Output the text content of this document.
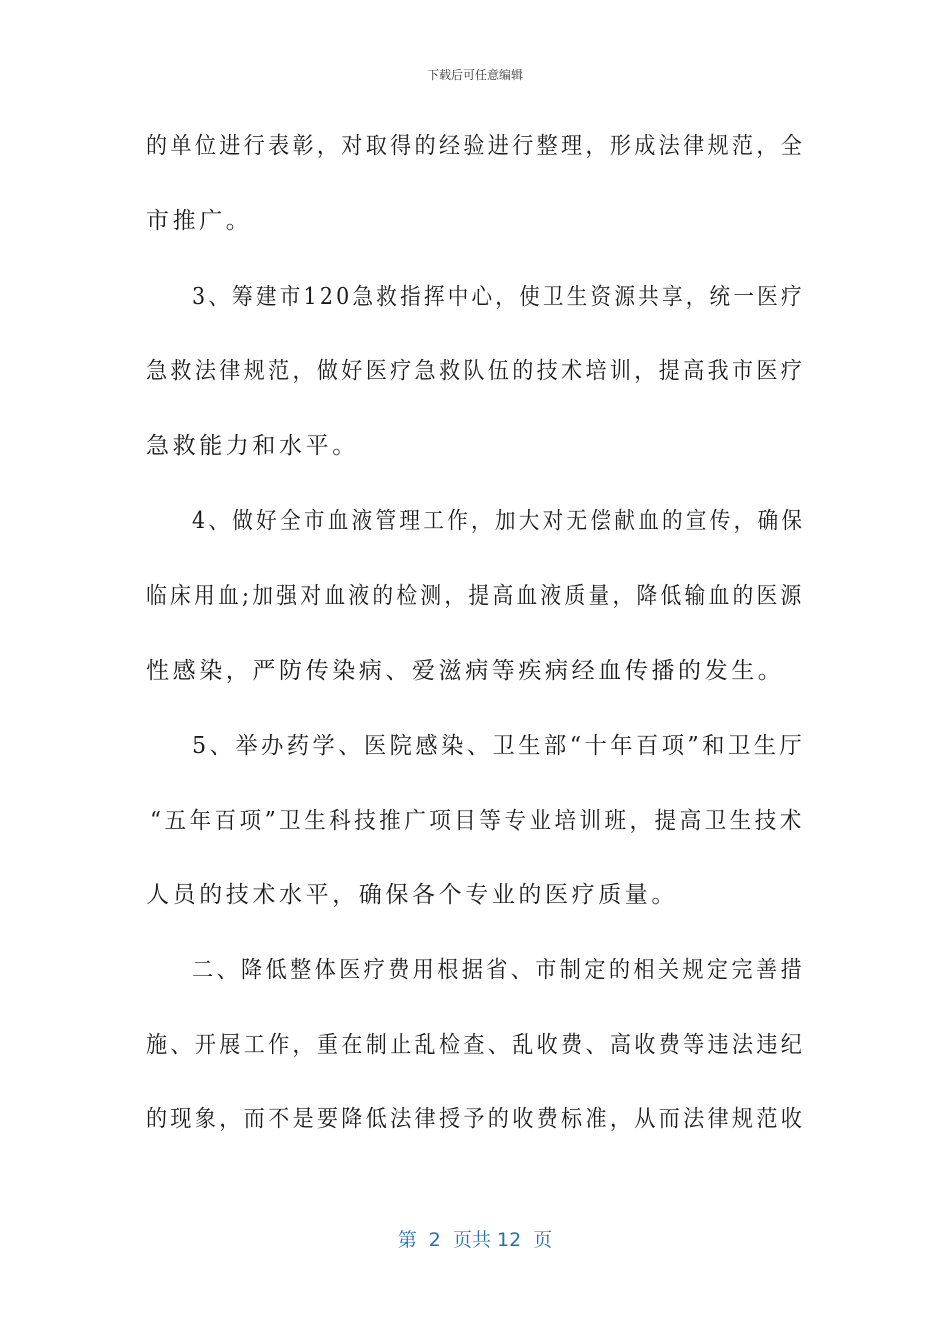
下载后可任意编辑
的单位进行表彰，对取得的经验进行整理，形成法律规范，全
市推广。
3、筹建市120急救指挥中心，使卫生资源共享，统一医疗
急救法律规范，做好医疗急救队伍的技术培训，提高我市医疗
急救能力和水平。
4、做好全市血液管理工作，加大对无偿献血的宣传，确保
临床用血;加强对血液的检测，提高血液质量，降低输血的医源
性感染，严防传染病、爱滋病等疾病经血传播的发生。
5、举办药学、医院感染、卫生部“十年百项”和卫生厅
“五年百项”卫生科技推广项目等专业培训班，提高卫生技术
人员的技术水平，确保各个专业的医疗质量。
二、降低整体医疗费用根据省、市制定的相关规定完善措
施、开展工作，重在制止乱检查、乱收费、高收费等违法违纪
的现象，而不是要降低法律授予的收费标准，从而法律规范收
第  2  页共 12  页
